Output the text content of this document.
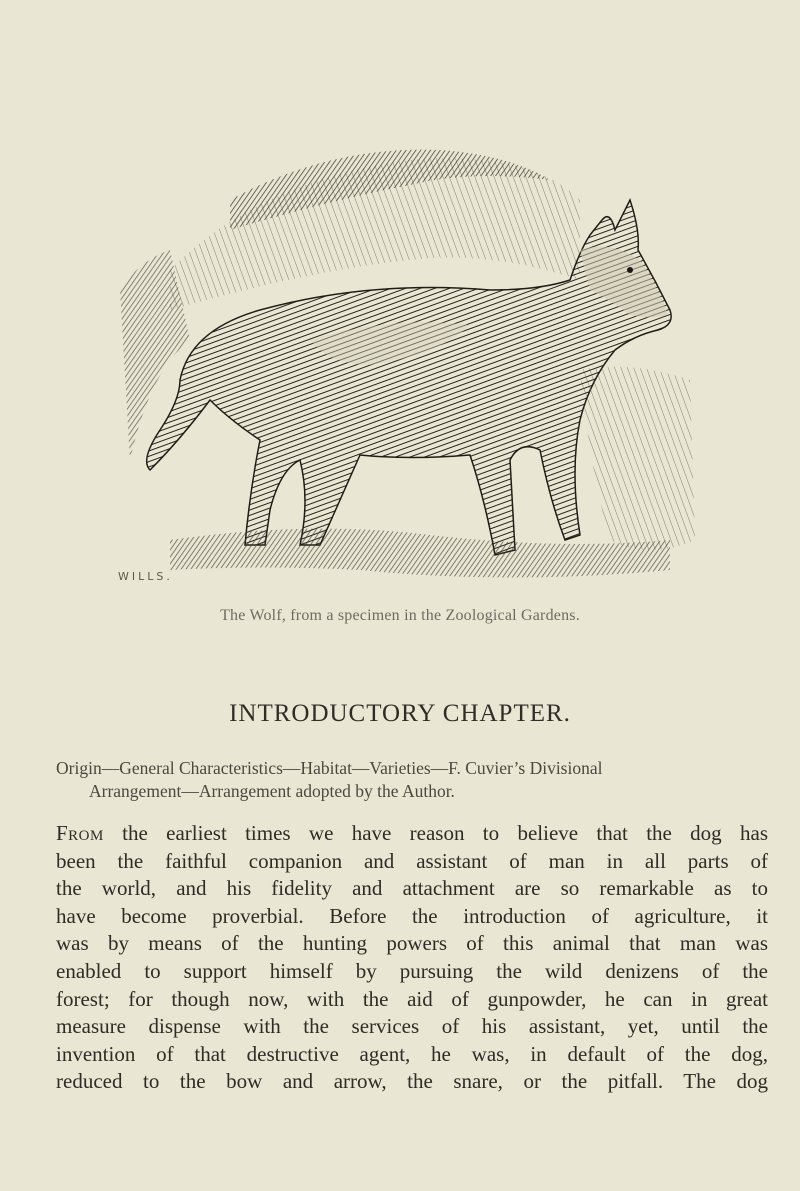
WILLS.
The Wolf, from a specimen in the Zoological Gardens.
INTRODUCTORY CHAPTER.
Origin—General Characteristics—Habitat—Varieties—F. Cuvier’s Divisional
Arrangement—Arrangement adopted by the Author.
From the earliest times we have reason to believe that the dog has
been the faithful companion and assistant of man in all parts of
the world, and his fidelity and attachment are so remarkable as to
have become proverbial. Before the introduction of agriculture, it
was by means of the hunting powers of this animal that man was
enabled to support himself by pursuing the wild denizens of the
forest; for though now, with the aid of gunpowder, he can in great
measure dispense with the services of his assistant, yet, until the
invention of that destructive agent, he was, in default of the dog,
reduced to the bow and arrow, the snare, or the pitfall. The dog
